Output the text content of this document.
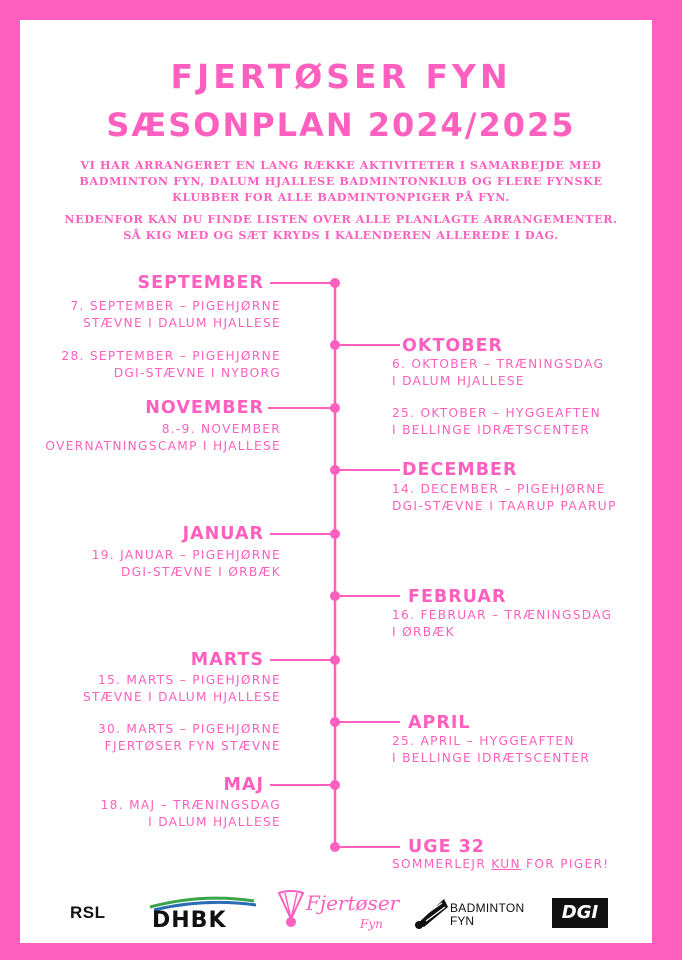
FJERTØSER FYN
SÆSONPLAN 2024/2025
VI HAR ARRANGERET EN LANG RÆKKE AKTIVITETER I SAMARBEJDE MED
BADMINTON FYN, DALUM HJALLESE BADMINTONKLUB OG FLERE FYNSKE
KLUBBER FOR ALLE BADMINTONPIGER PÅ FYN.
NEDENFOR KAN DU FINDE LISTEN OVER ALLE PLANLAGTE ARRANGEMENTER.
SÅ KIG MED OG SÆT KRYDS I KALENDEREN ALLEREDE I DAG.
SEPTEMBER
7. SEPTEMBER – PIGEHJØRNE
STÆVNE I DALUM HJALLESE
28. SEPTEMBER – PIGEHJØRNE
DGI-STÆVNE I NYBORG
NOVEMBER
8.-9. NOVEMBER
OVERNATNINGSCAMP I HJALLESE
JANUAR
19. JANUAR – PIGEHJØRNE
DGI-STÆVNE I ØRBÆK
MARTS
15. MARTS – PIGEHJØRNE
STÆVNE I DALUM HJALLESE
30. MARTS – PIGEHJØRNE
FJERTØSER FYN STÆVNE
MAJ
18. MAJ – TRÆNINGSDAG
I DALUM HJALLESE
OKTOBER
6. OKTOBER – TRÆNINGSDAG
I DALUM HJALLESE
25. OKTOBER – HYGGEAFTEN
I BELLINGE IDRÆTSCENTER
DECEMBER
14. DECEMBER – PIGEHJØRNE
DGI-STÆVNE I TAARUP PAARUP
FEBRUAR
16. FEBRUAR – TRÆNINGSDAG
I ØRBÆK
APRIL
25. APRIL – HYGGEAFTEN
I BELLINGE IDRÆTSCENTER
UGE 32
SOMMERLEJR KUN FOR PIGER!
RSL DHBK
Fjertøser
Fyn
BADMINTON
FYN	DGI
